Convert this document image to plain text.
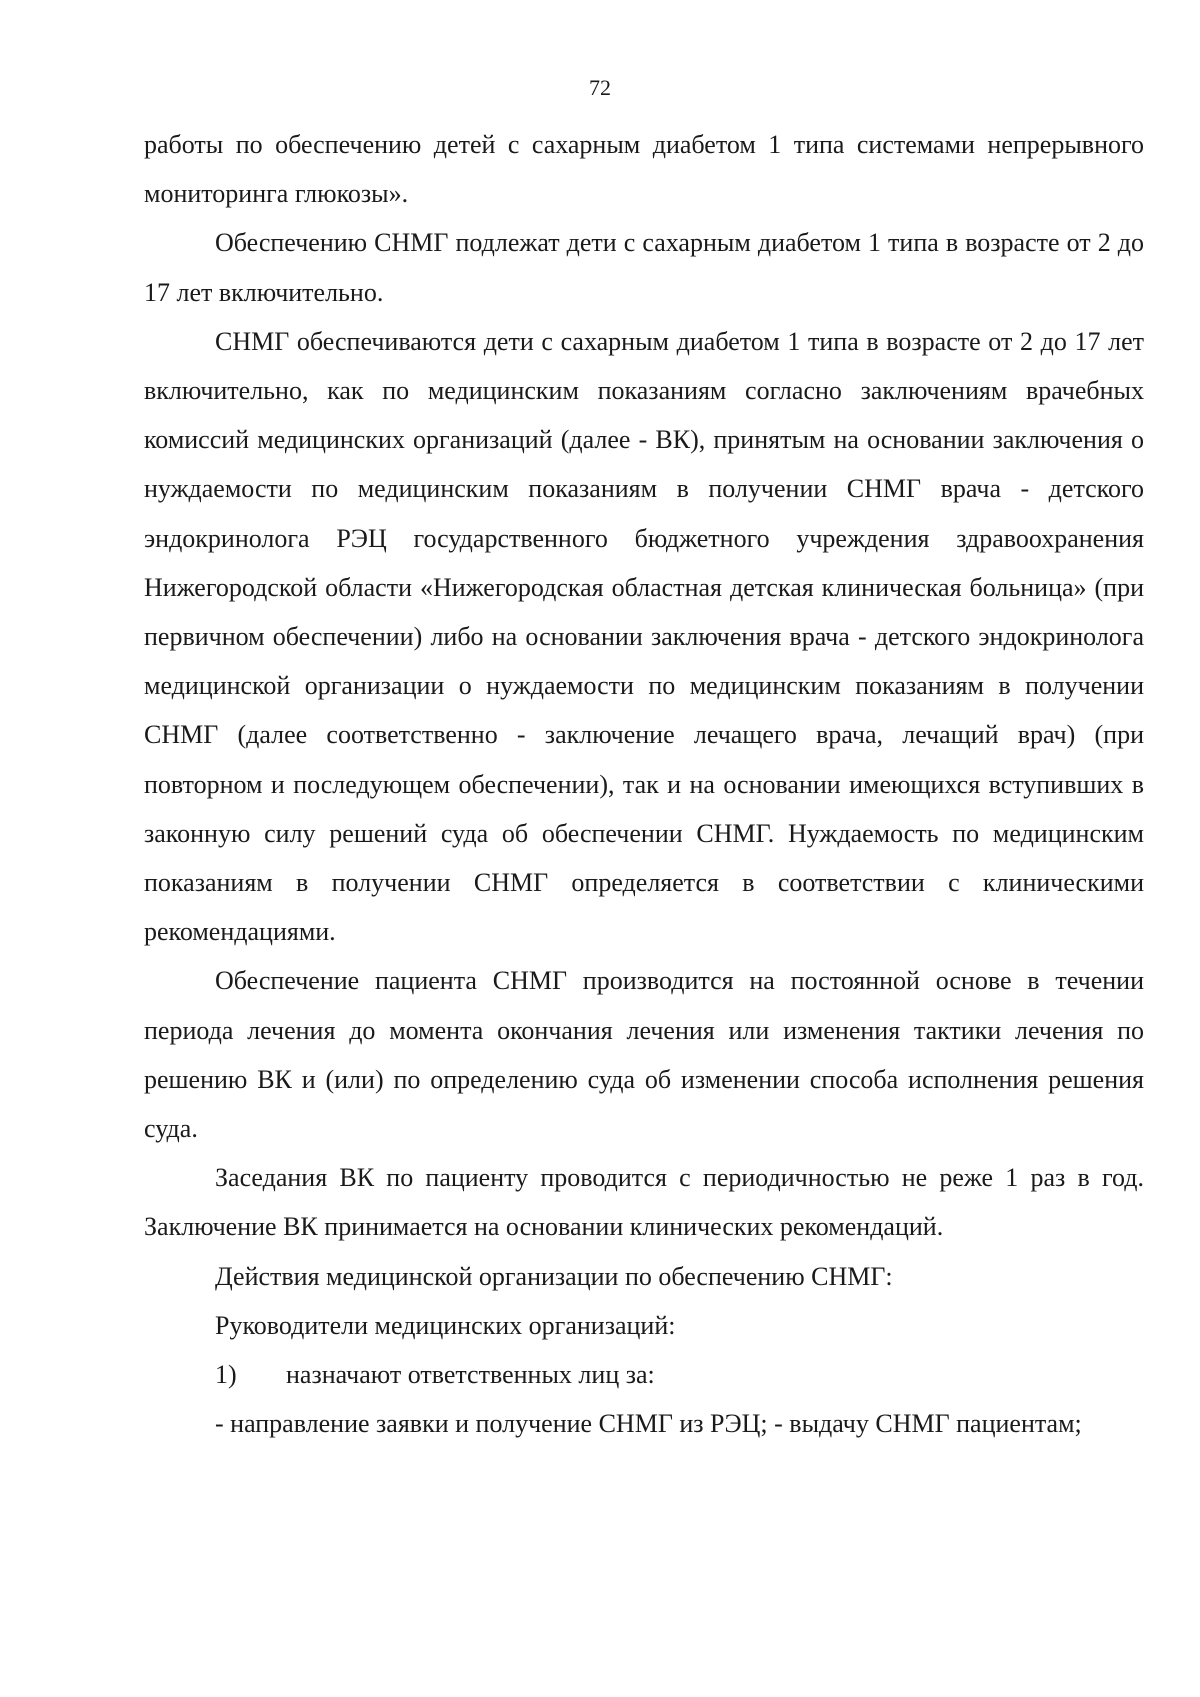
72

работы по обеспечению детей с сахарным диабетом 1 типа системами непрерывного мониторинга глюкозы».

Обеспечению СНМГ подлежат дети с сахарным диабетом 1 типа в возрасте от 2 до 17 лет включительно.

СНМГ обеспечиваются дети с сахарным диабетом 1 типа в возрасте от 2 до 17 лет включительно, как по медицинским показаниям согласно заключениям врачебных комиссий медицинских организаций (далее - ВК), принятым на основании заключения о нуждаемости по медицинским показаниям в получении СНМГ врача - детского эндокринолога РЭЦ государственного бюджетного учреждения здравоохранения Нижегородской области «Нижегородская областная детская клиническая больница» (при первичном обеспечении) либо на основании заключения врача - детского эндокринолога медицинской организации о нуждаемости по медицинским показаниям в получении СНМГ (далее соответственно - заключение лечащего врача, лечащий врач) (при повторном и последующем обеспечении), так и на основании имеющихся вступивших в законную силу решений суда об обеспечении СНМГ. Нуждаемость по медицинским показаниям в получении СНМГ определяется в соответствии с клиническими рекомендациями.

Обеспечение пациента СНМГ производится на постоянной основе в течении периода лечения до момента окончания лечения или изменения тактики лечения по решению ВК и (или) по определению суда об изменении способа исполнения решения суда.

Заседания ВК по пациенту проводится с периодичностью не реже 1 раз в год. Заключение ВК принимается на основании клинических рекомендаций.

Действия медицинской организации по обеспечению СНМГ:

Руководители медицинских организаций:

1) назначают ответственных лиц за:

- направление заявки и получение СНМГ из РЭЦ; - выдачу СНМГ пациентам;
